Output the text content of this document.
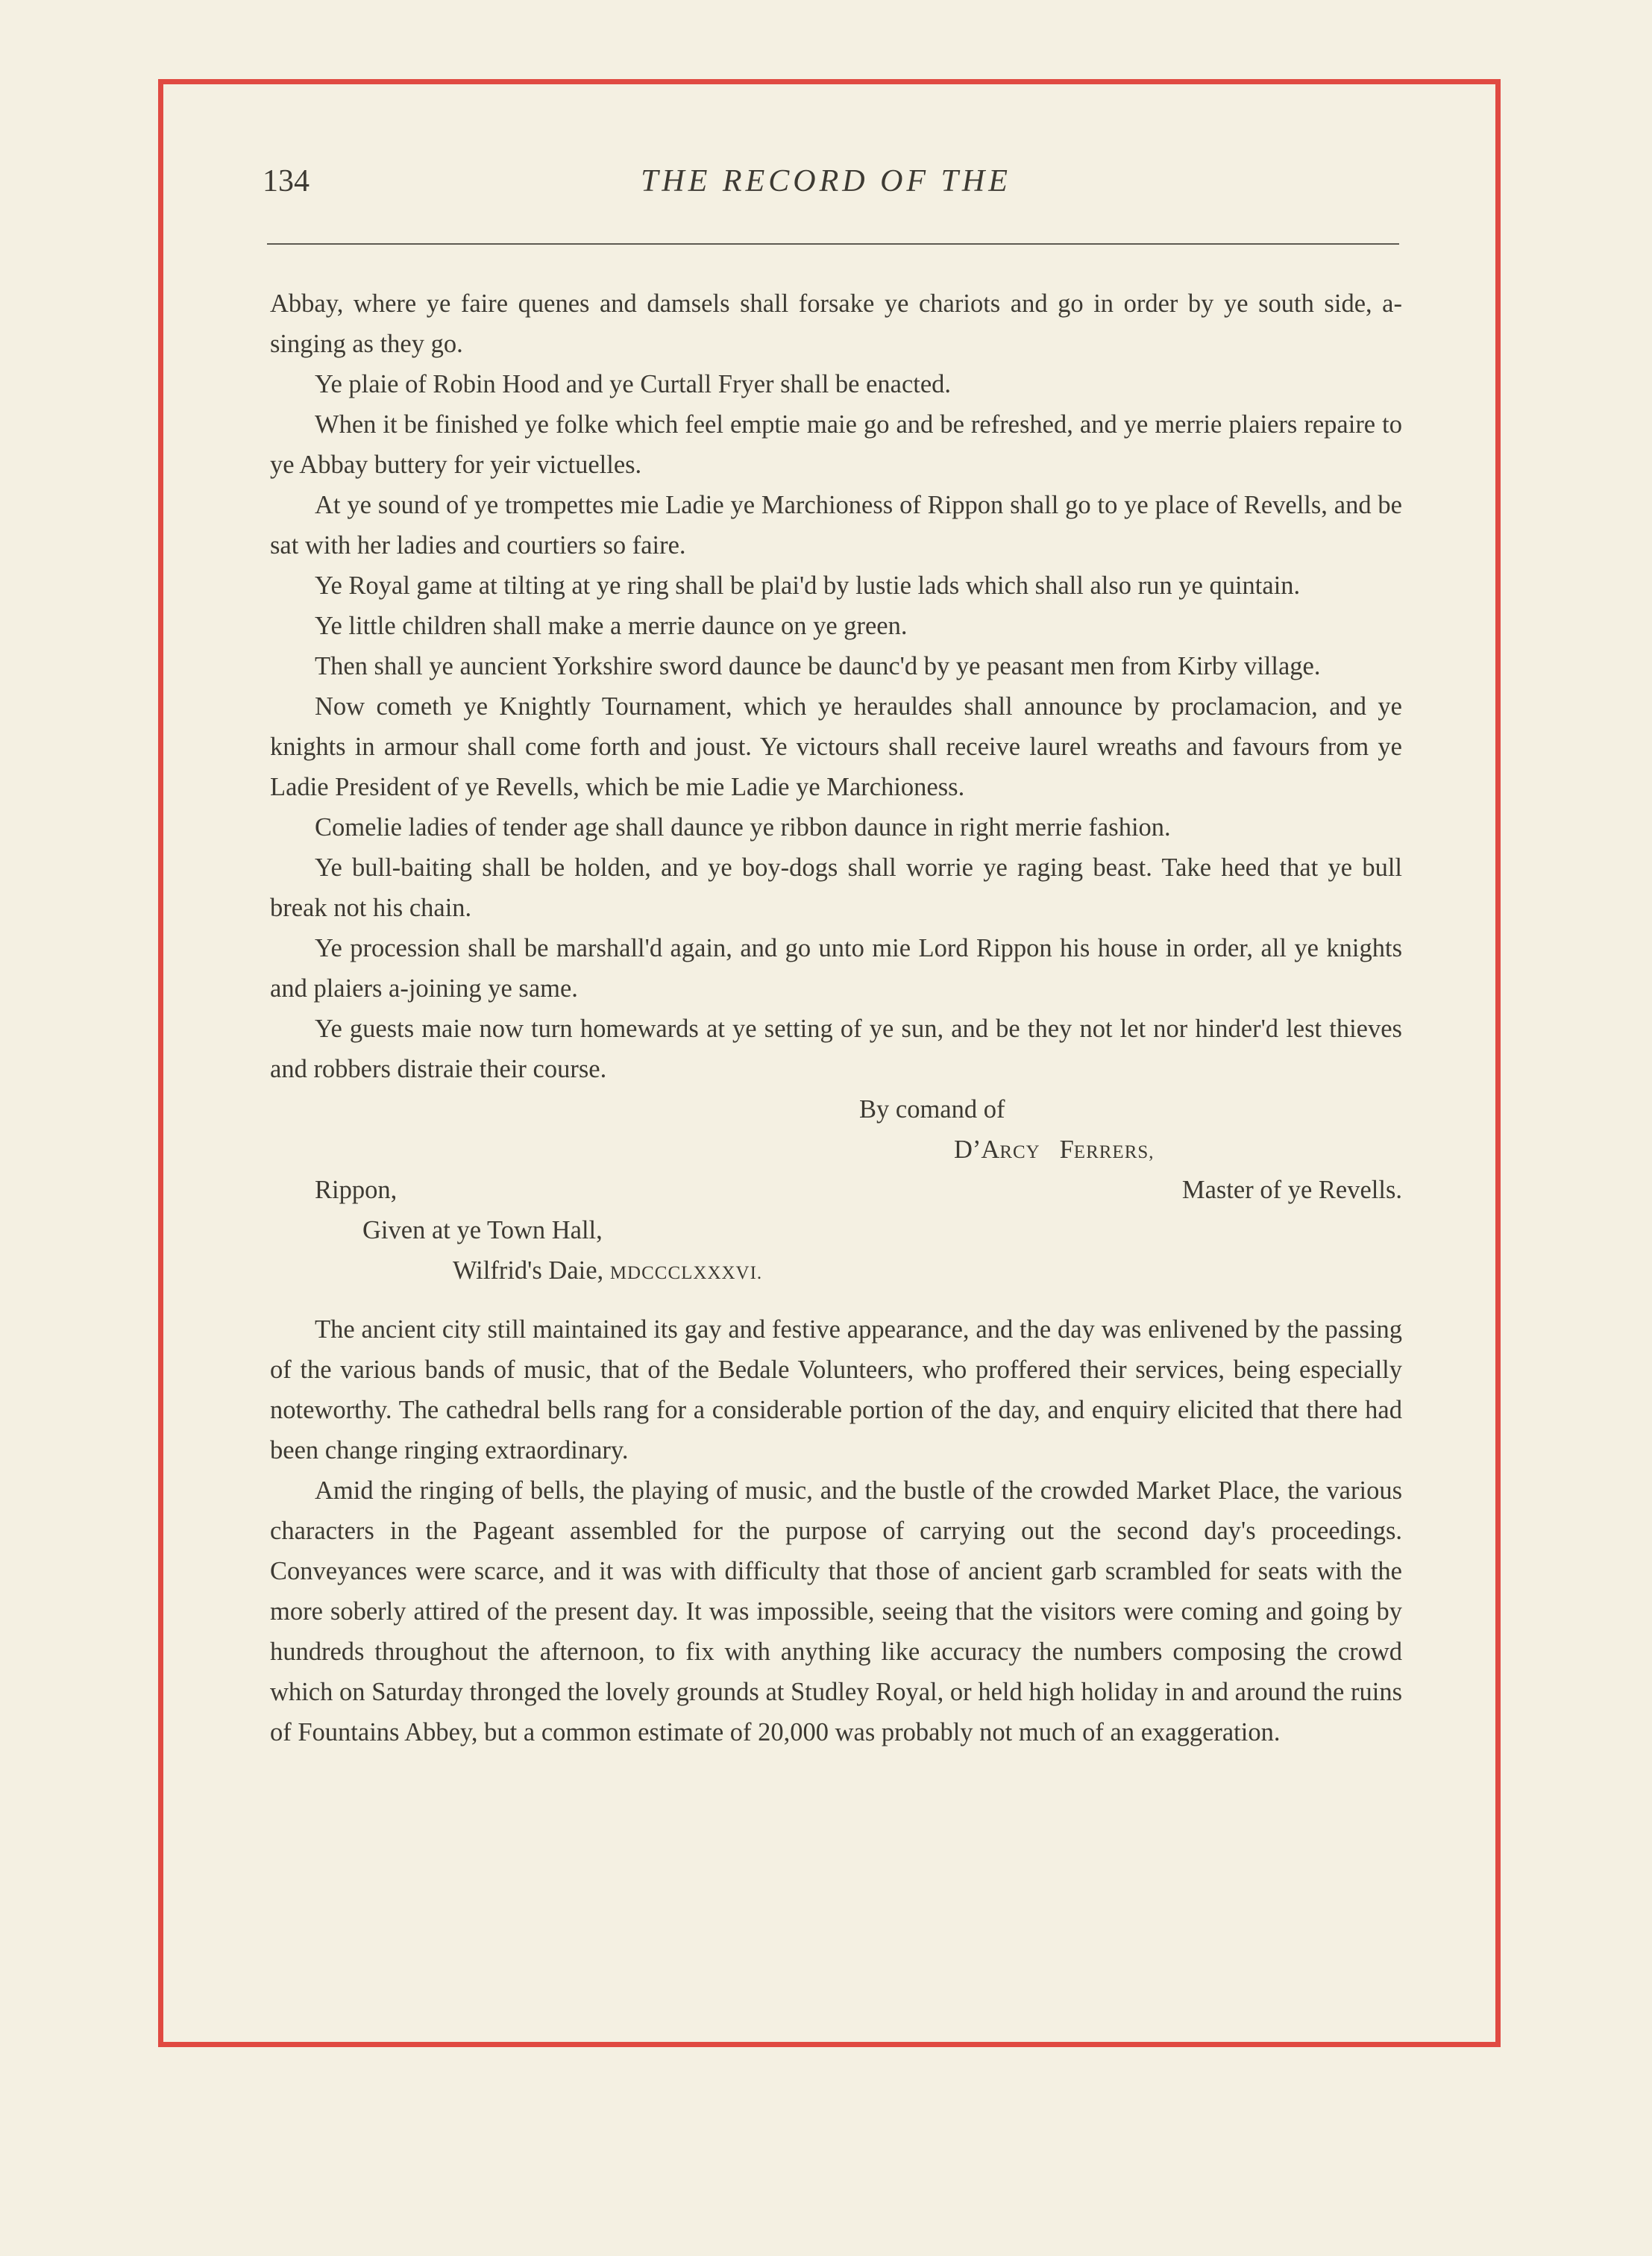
134	THE RECORD OF THE

Abbay, where ye faire quenes and damsels shall forsake ye chariots and go in order by ye south side, a-singing as they go.

Ye plaie of Robin Hood and ye Curtall Fryer shall be enacted.

When it be finished ye folke which feel emptie maie go and be refreshed, and ye merrie plaiers repaire to ye Abbay buttery for yeir victuelles.

At ye sound of ye trompettes mie Ladie ye Marchioness of Rippon shall go to ye place of Revells, and be sat with her ladies and courtiers so faire.

Ye Royal game at tilting at ye ring shall be plai'd by lustie lads which shall also run ye quintain.

Ye little children shall make a merrie daunce on ye green.

Then shall ye auncient Yorkshire sword daunce be daunc'd by ye peasant men from Kirby village.

Now cometh ye Knightly Tournament, which ye herauldes shall announce by proclamacion, and ye knights in armour shall come forth and joust. Ye victours shall receive laurel wreaths and favours from ye Ladie President of ye Revells, which be mie Ladie ye Marchioness.

Comelie ladies of tender age shall daunce ye ribbon daunce in right merrie fashion.

Ye bull-baiting shall be holden, and ye boy-dogs shall worrie ye raging beast. Take heed that ye bull break not his chain.

Ye procession shall be marshall'd again, and go unto mie Lord Rippon his house in order, all ye knights and plaiers a-joining ye same.

Ye guests maie now turn homewards at ye setting of ye sun, and be they not let nor hinder'd lest thieves and robbers distraie their course.

By comand of
D’ARCY FERRERS,
Rippon,	Master of ye Revells.
Given at ye Town Hall,
Wilfrid's Daie, MDCCCLXXXVI.

The ancient city still maintained its gay and festive appearance, and the day was enlivened by the passing of the various bands of music, that of the Bedale Volunteers, who proffered their services, being especially noteworthy. The cathedral bells rang for a considerable portion of the day, and enquiry elicited that there had been change ringing extraordinary.

Amid the ringing of bells, the playing of music, and the bustle of the crowded Market Place, the various characters in the Pageant assembled for the purpose of carrying out the second day's proceedings. Conveyances were scarce, and it was with difficulty that those of ancient garb scrambled for seats with the more soberly attired of the present day. It was impossible, seeing that the visitors were coming and going by hundreds throughout the afternoon, to fix with anything like accuracy the numbers composing the crowd which on Saturday thronged the lovely grounds at Studley Royal, or held high holiday in and around the ruins of Fountains Abbey, but a common estimate of 20,000 was probably not much of an exaggeration.
